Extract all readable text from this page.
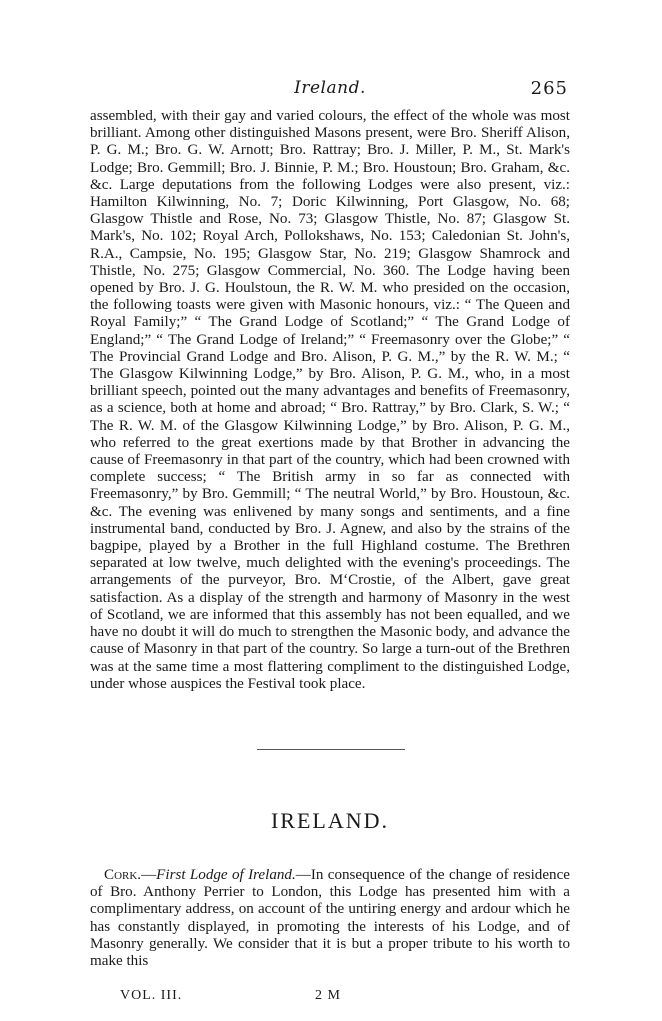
Ireland.	265

assembled, with their gay and varied colours, the effect of the whole was most brilliant. Among other distinguished Masons present, were Bro. Sheriff Alison, P. G. M.; Bro. G. W. Arnott; Bro. Rattray; Bro. J. Miller, P. M., St. Mark's Lodge; Bro. Gemmill; Bro. J. Binnie, P. M.; Bro. Houstoun; Bro. Graham, &c. &c. Large deputations from the following Lodges were also present, viz.: Hamilton Kilwinning, No. 7; Doric Kilwinning, Port Glasgow, No. 68; Glasgow Thistle and Rose, No. 73; Glasgow Thistle, No. 87; Glasgow St. Mark's, No. 102; Royal Arch, Pollokshaws, No. 153; Caledonian St. John's, R.A., Campsie, No. 195; Glasgow Star, No. 219; Glasgow Shamrock and Thistle, No. 275; Glasgow Commercial, No. 360. The Lodge having been opened by Bro. J. G. Houlstoun, the R. W. M. who presided on the occasion, the following toasts were given with Masonic honours, viz.: “ The Queen and Royal Family;” “ The Grand Lodge of Scotland;” “ The Grand Lodge of England;” “ The Grand Lodge of Ireland;” “ Freemasonry over the Globe;” “ The Provincial Grand Lodge and Bro. Alison, P. G. M.,” by the R. W. M.; “ The Glasgow Kilwinning Lodge,” by Bro. Alison, P. G. M., who, in a most brilliant speech, pointed out the many advantages and benefits of Freemasonry, as a science, both at home and abroad; “ Bro. Rattray,” by Bro. Clark, S. W.; “ The R. W. M. of the Glasgow Kilwinning Lodge,” by Bro. Alison, P. G. M., who referred to the great exertions made by that Brother in advancing the cause of Freemasonry in that part of the country, which had been crowned with complete success; “ The British army in so far as connected with Freemasonry,” by Bro. Gemmill; “ The neutral World,” by Bro. Houstoun, &c. &c. The evening was enlivened by many songs and sentiments, and a fine instrumental band, conducted by Bro. J. Agnew, and also by the strains of the bagpipe, played by a Brother in the full Highland costume. The Brethren separated at low twelve, much delighted with the evening's proceedings. The arrangements of the purveyor, Bro. M‘Crostie, of the Albert, gave great satisfaction. As a display of the strength and harmony of Masonry in the west of Scotland, we are informed that this assembly has not been equalled, and we have no doubt it will do much to strengthen the Masonic body, and advance the cause of Masonry in that part of the country. So large a turn-out of the Brethren was at the same time a most flattering compliment to the distinguished Lodge, under whose auspices the Festival took place.

IRELAND.

Cork.—First Lodge of Ireland.—In consequence of the change of residence of Bro. Anthony Perrier to London, this Lodge has presented him with a complimentary address, on account of the untiring energy and ardour which he has constantly displayed, in promoting the interests of his Lodge, and of Masonry generally. We consider that it is but a proper tribute to his worth to make this

VOL. III.	2 M
